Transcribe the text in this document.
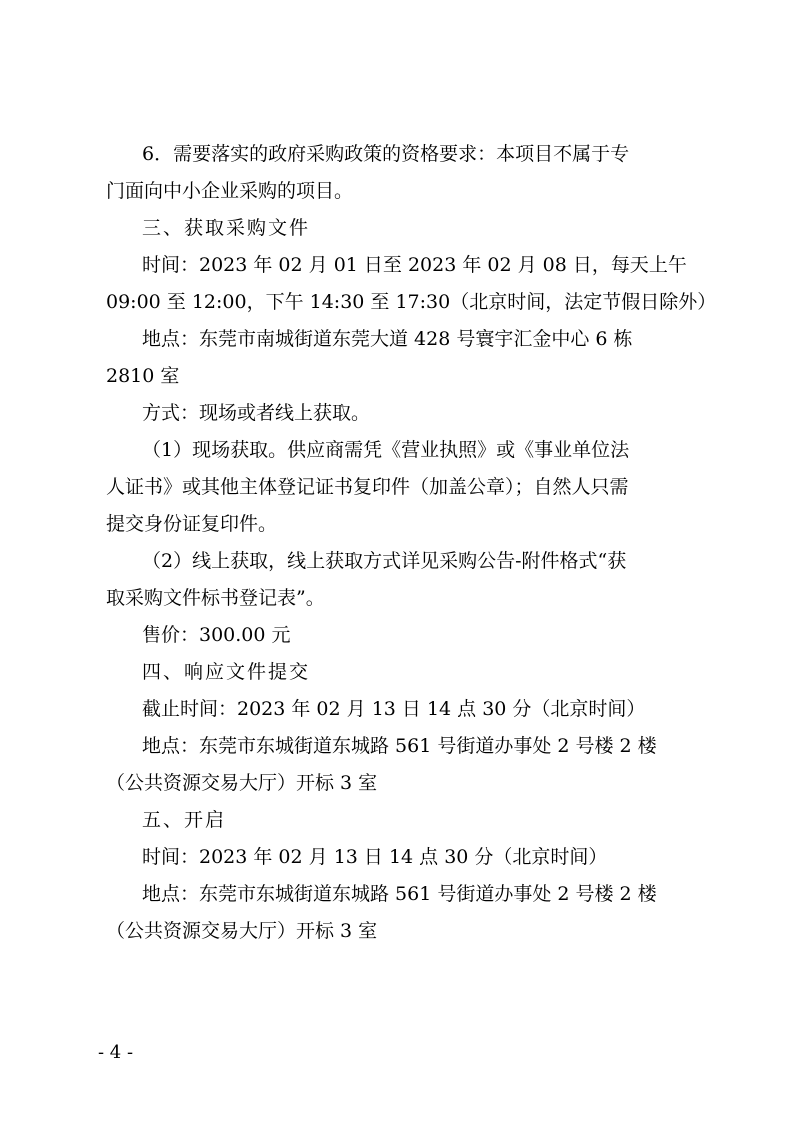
6．需要落实的政府采购政策的资格要求：本项目不属于专
门面向中小企业采购的项目。
三、获取采购文件
时间：2023 年 02 月 01 日至 2023 年 02 月 08 日，每天上午
09:00 至 12:00，下午 14:30 至 17:30（北京时间，法定节假日除外）
地点：东莞市南城街道东莞大道 428 号寰宇汇金中心 6 栋
2810 室
方式：现场或者线上获取。
（1）现场获取。供应商需凭《营业执照》或《事业单位法
人证书》或其他主体登记证书复印件（加盖公章）；自然人只需
提交身份证复印件。
（2）线上获取，线上获取方式详见采购公告-附件格式“获
取采购文件标书登记表”。
售价：300.00 元
四、响应文件提交
截止时间：2023 年 02 月 13 日 14 点 30 分（北京时间）
地点：东莞市东城街道东城路 561 号街道办事处 2 号楼 2 楼
（公共资源交易大厅）开标 3 室
五、开启
时间：2023 年 02 月 13 日 14 点 30 分（北京时间）
地点：东莞市东城街道东城路 561 号街道办事处 2 号楼 2 楼
（公共资源交易大厅）开标 3 室
- 4 -
